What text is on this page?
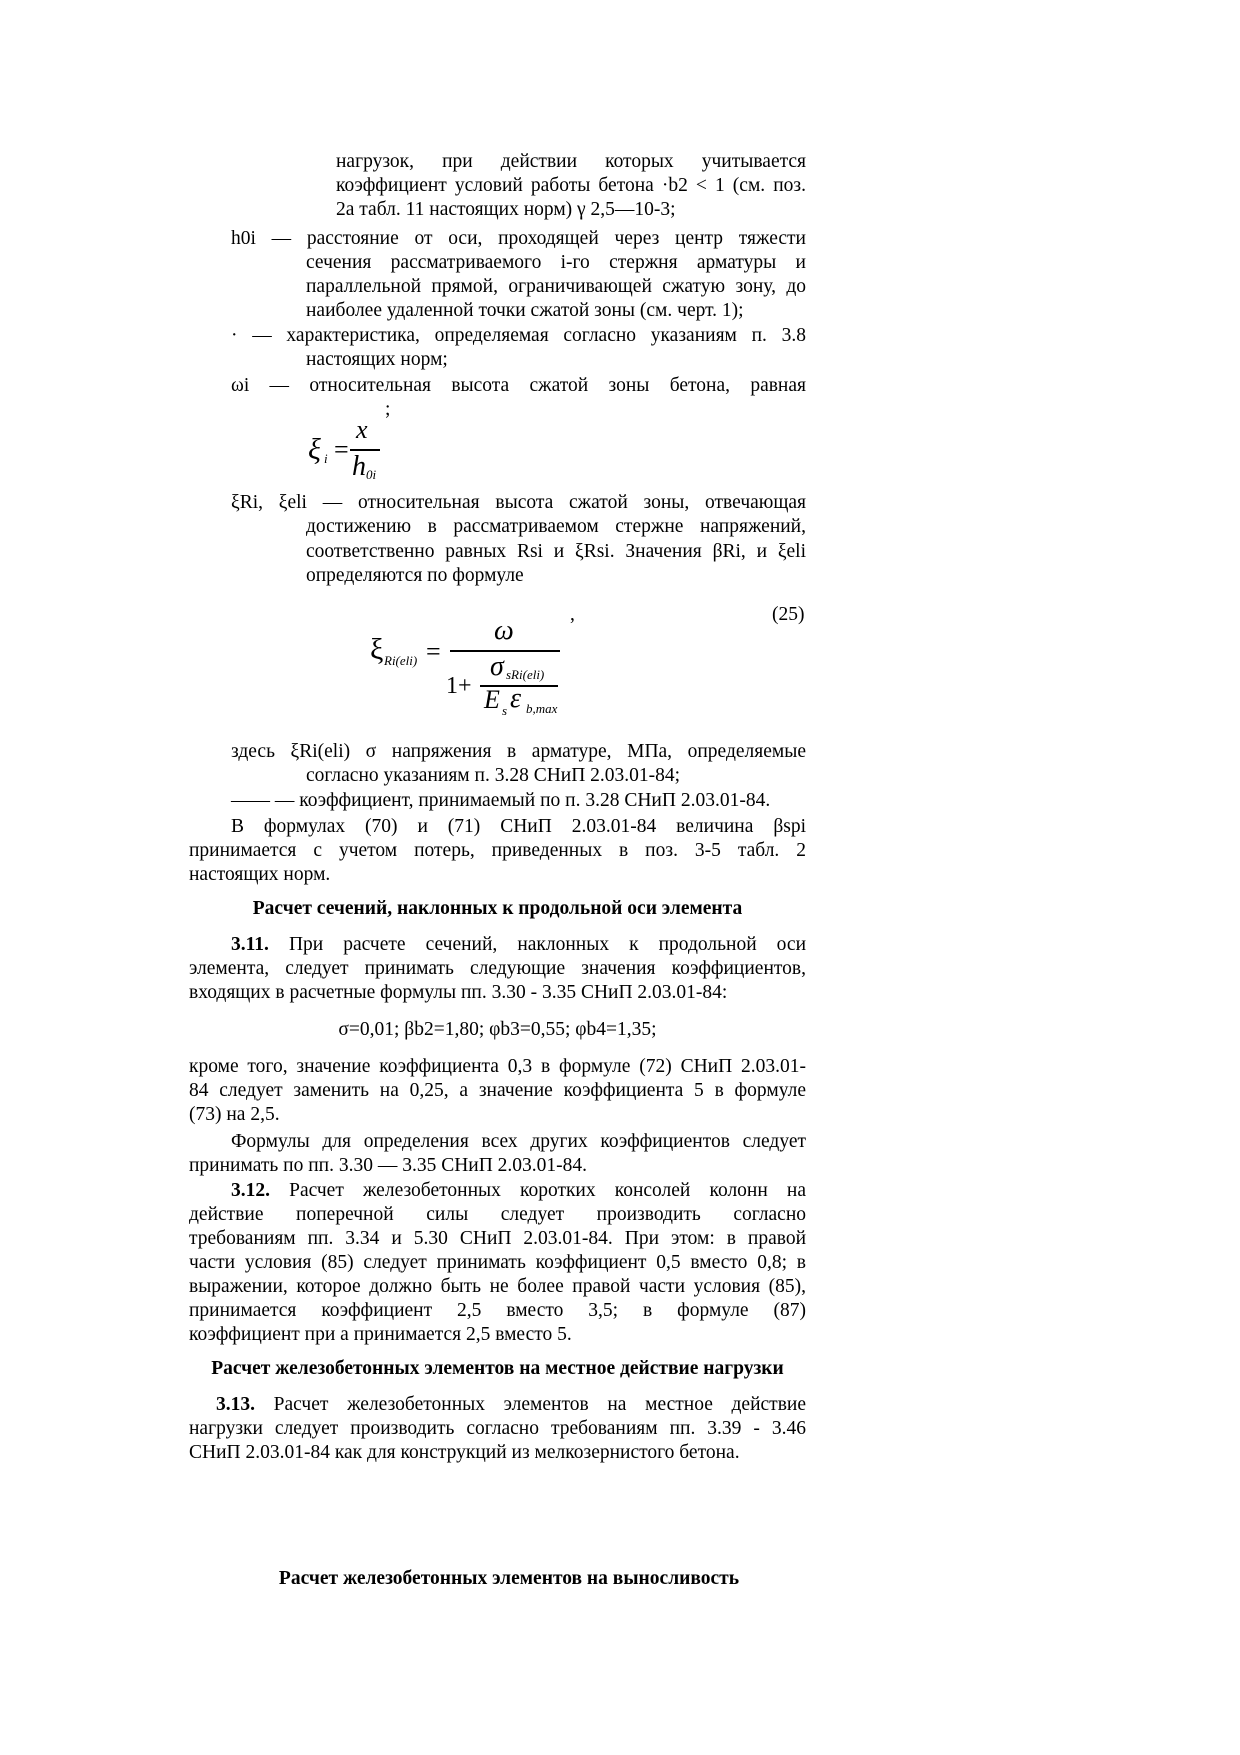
нагрузок, при действии которых учитывается
коэффициент условий работы бетона ·b2 < 1 (см. поз.
2а табл. 11 настоящих норм) γ 2,5—10-3;
h0i — расстояние от оси, проходящей через центр тяжести
сечения рассматриваемого i-го стержня арматуры и
параллельной прямой, ограничивающей сжатую зону, до
наиболее удаленной точки сжатой зоны (см. черт. 1);
· — характеристика, определяемая согласно указаниям п. 3.8
настоящих норм;
ωi — относительная высота сжатой зоны бетона, равная
;
ξ i =
x
h 0i
ξRi, ξeli — относительная высота сжатой зоны, отвечающая
достижению в рассматриваемом стержне напряжений,
соответственно равных Rsi и ξRsi. Значения βRi, и ξeli
определяются по формуле
,	(25)
ξ Ri(eli) =
ω
1+
σ sRi(eli)
E s ε b,max
здесь ξRi(eli) σ напряжения в арматуре, МПа, определяемые
согласно указаниям п. 3.28 СНиП 2.03.01-84;
—— — коэффициент, принимаемый по п. 3.28 СНиП 2.03.01-84.
В формулах (70) и (71) СНиП 2.03.01-84 величина βspi
принимается с учетом потерь, приведенных в поз. 3-5 табл. 2
настоящих норм.
Расчет сечений, наклонных к продольной оси элемента
3.11. При расчете сечений, наклонных к продольной оси
элемента, следует принимать следующие значения коэффициентов,
входящих в расчетные формулы пп. 3.30 - 3.35 СНиП 2.03.01-84:
σ=0,01; βb2=1,80; φb3=0,55; φb4=1,35;
кроме того, значение коэффициента 0,3 в формуле (72) СНиП 2.03.01-
84 следует заменить на 0,25, а значение коэффициента 5 в формуле
(73) на 2,5.
Формулы для определения всех других коэффициентов следует
принимать по пп. 3.30 — 3.35 СНиП 2.03.01-84.
3.12. Расчет железобетонных коротких консолей колонн на
действие поперечной силы следует производить согласно
требованиям пп. 3.34 и 5.30 СНиП 2.03.01-84. При этом: в правой
части условия (85) следует принимать коэффициент 0,5 вместо 0,8; в
выражении, которое должно быть не более правой части условия (85),
принимается коэффициент 2,5 вместо 3,5; в формуле (87)
коэффициент при а принимается 2,5 вместо 5.
Расчет железобетонных элементов на местное действие нагрузки
3.13. Расчет железобетонных элементов на местное действие
нагрузки следует производить согласно требованиям пп. 3.39 - 3.46
СНиП 2.03.01-84 как для конструкций из мелкозернистого бетона.
Расчет железобетонных элементов на выносливость
